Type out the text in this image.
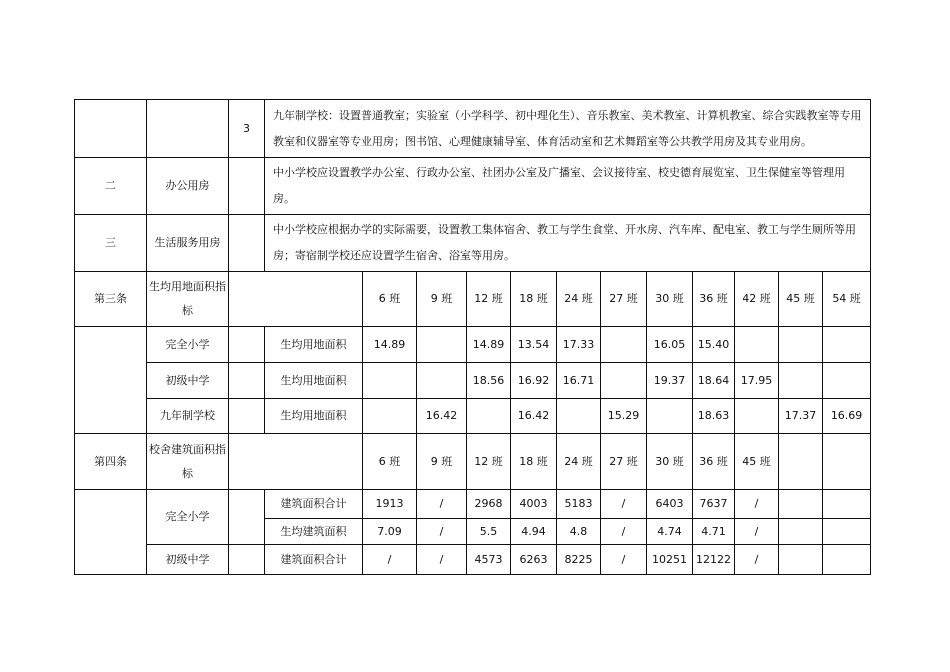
		3	九年制学校：设置普通教室；实验室（小学科学、初中理化生）、音乐教室、美术教室、计算机教室、综合实践教室等专用教室和仪器室等专业用房；图书馆、心理健康辅导室、体育活动室和艺术舞蹈室等公共教学用房及其专业用房。											
二	办公用房		中小学校应设置教学办公室、行政办公室、社团办公室及广播室、会议接待室、校史德育展览室、卫生保健室等管理用房。											
三	生活服务用房		中小学校应根据办学的实际需要，设置教工集体宿舍、教工与学生食堂、开水房、汽车库、配电室、教工与学生厕所等用房；寄宿制学校还应设置学生宿舍、浴室等用房。											
第三条	生均用地面积指标			6 班	9 班	12 班	18 班	24 班	27 班	30 班	36 班	42 班	45 班	54 班
	完全小学		生均用地面积	14.89		14.89	13.54	17.33		16.05	15.40			
	初级中学		生均用地面积			18.56	16.92	16.71		19.37	18.64	17.95		
	九年制学校		生均用地面积		16.42		16.42		15.29		18.63		17.37	16.69
第四条	校舍建筑面积指标			6 班	9 班	12 班	18 班	24 班	27 班	30 班	36 班	45 班		
	完全小学		建筑面积合计	1913	/	2968	4003	5183	/	6403	7637	/		
			生均建筑面积	7.09	/	5.5	4.94	4.8	/	4.74	4.71	/		
	初级中学		建筑面积合计	/	/	4573	6263	8225	/	10251	12122	/		
